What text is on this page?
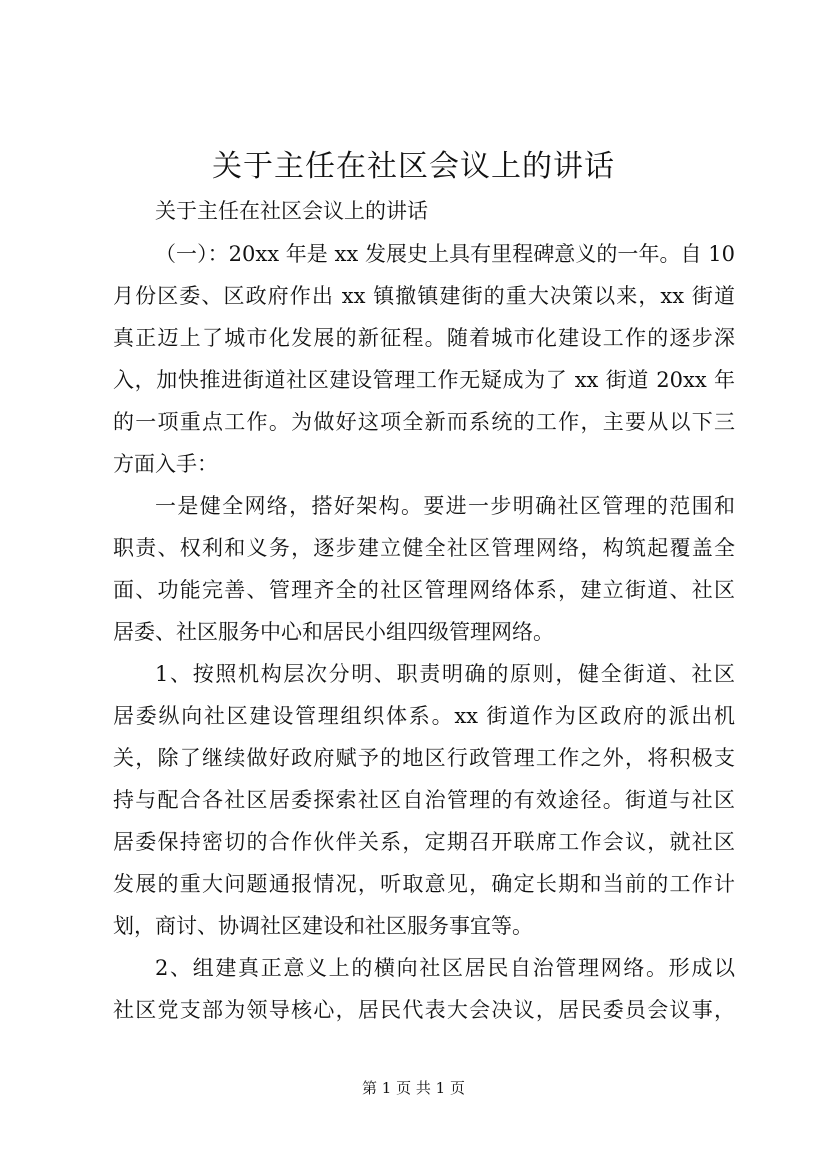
关于主任在社区会议上的讲话
关于主任在社区会议上的讲话
（一）：20xx 年是 xx 发展史上具有里程碑意义的一年。自 10
月份区委、区政府作出 xx 镇撤镇建街的重大决策以来，xx 街道
真正迈上了城市化发展的新征程。随着城市化建设工作的逐步深
入，加快推进街道社区建设管理工作无疑成为了 xx 街道 20xx 年
的一项重点工作。为做好这项全新而系统的工作，主要从以下三
方面入手：
一是健全网络，搭好架构。要进一步明确社区管理的范围和
职责、权利和义务，逐步建立健全社区管理网络，构筑起覆盖全
面、功能完善、管理齐全的社区管理网络体系，建立街道、社区
居委、社区服务中心和居民小组四级管理网络。
1、按照机构层次分明、职责明确的原则，健全街道、社区
居委纵向社区建设管理组织体系。xx 街道作为区政府的派出机
关，除了继续做好政府赋予的地区行政管理工作之外，将积极支
持与配合各社区居委探索社区自治管理的有效途径。街道与社区
居委保持密切的合作伙伴关系，定期召开联席工作会议，就社区
发展的重大问题通报情况，听取意见，确定长期和当前的工作计
划，商讨、协调社区建设和社区服务事宜等。
2、组建真正意义上的横向社区居民自治管理网络。形成以
社区党支部为领导核心，居民代表大会决议，居民委员会议事，
第 1 页 共 1 页
